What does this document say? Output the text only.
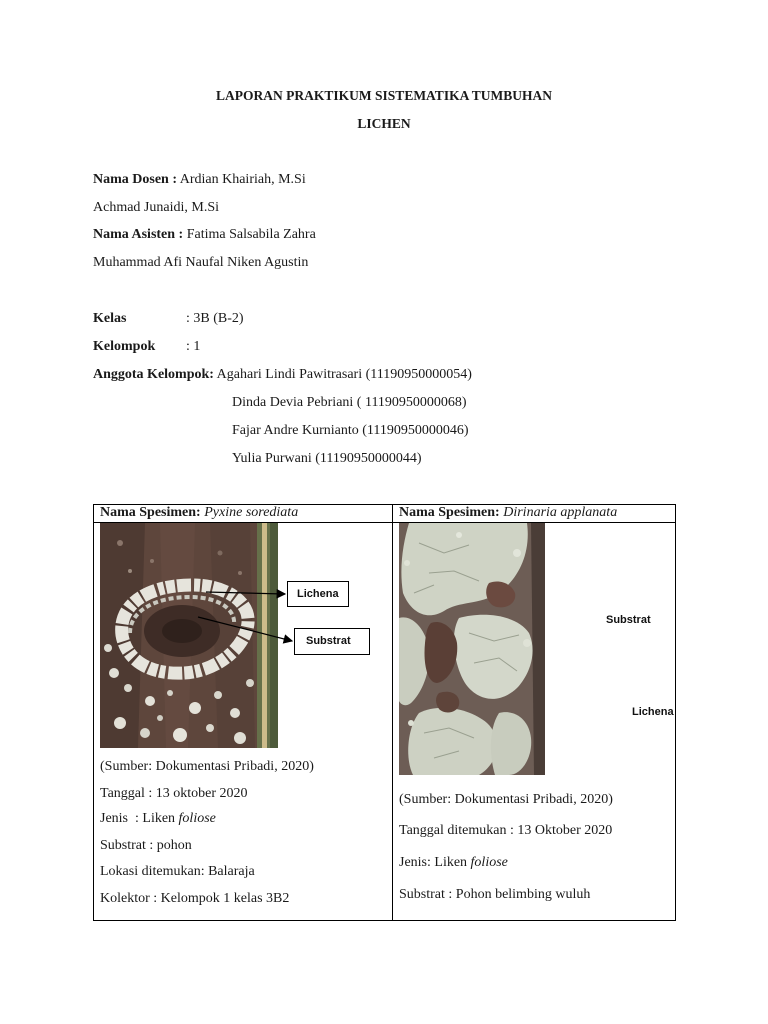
LAPORAN PRAKTIKUM SISTEMATIKA TUMBUHAN
LICHEN
Nama Dosen : Ardian Khairiah, M.Si
Achmad Junaidi, M.Si
Nama Asisten : Fatima Salsabila Zahra
Muhammad Afi Naufal Niken Agustin
Kelas	: 3B (B-2)
Kelompok : 1
Anggota Kelompok: Agahari Lindi Pawitrasari (11190950000054)
Dinda Devia Pebriani ( 11190950000068)
Fajar Andre Kurnianto (11190950000046)
Yulia Purwani (11190950000044)
Nama Spesimen: Pyxine sorediata	Nama Spesimen: Dirinaria applanata
Lichena
Substrat
(Sumber: Dokumentasi Pribadi, 2020)
Tanggal : 13 oktober 2020
Jenis  : Liken foliose
Substrat : pohon
Lokasi ditemukan: Balaraja
Kolektor : Kelompok 1 kelas 3B2
Substrat
Lichena
(Sumber: Dokumentasi Pribadi, 2020)
Tanggal ditemukan : 13 Oktober 2020
Jenis: Liken foliose
Substrat : Pohon belimbing wuluh
